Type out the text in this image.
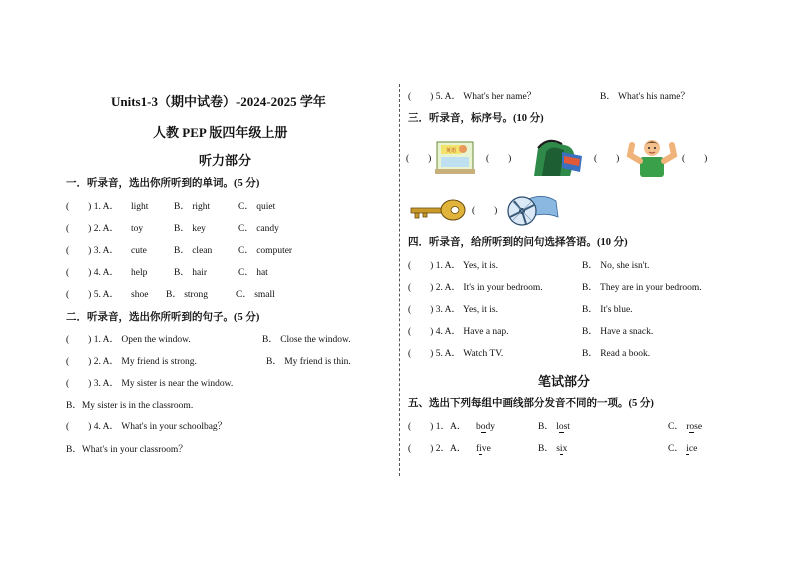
Units1-3（期中试卷）-2024-2025 学年
人教 PEP 版四年级上册
听力部分
一．听录音，选出你所听到的单词。(5 分)
(　　) 1. A． light	B． right	C． quiet
(　　) 2. A． toy	B． key	C． candy
(　　) 3. A． cute	B． clean	C． computer
(　　) 4. A． help	B． hair	C． hat
(　　) 5. A． shoe B． strong	C． small
二．听录音，选出你所听到的句子。(5 分)
(　　) 1. A． Open the window.	B． Close the window.
(　　) 2. A． My friend is strong.	B． My friend is thin.
(　　) 3. A． My sister is near the window.
B．My sister is in the classroom.
(　　) 4. A． What's in your schoolbag？
B．What's in your classroom？
(　　) 5. A． What's her name？	B． What's his name？
三．听录音，标序号。(10 分)
(　　)
英语
(　　)	(　　)	(　　)
(　　)
四．听录音，给所听到的问句选择答语。(10 分)
(　　) 1. A． Yes, it is.	B． No, she isn't.
(　　) 2. A． It's in your bedroom.	B． They are in your bedroom.
(　　) 3. A． Yes, it is.	B． It's blue.
(　　) 4. A． Have a nap.	B． Have a snack.
(　　) 5. A． Watch TV.	B． Read a book.
笔试部分
五、选出下列每组中画线部分发音不同的一项。(5 分)
(　　) 1．A． body	B． lost	C． rose
(　　) 2．A． five	B． six	C． ice
